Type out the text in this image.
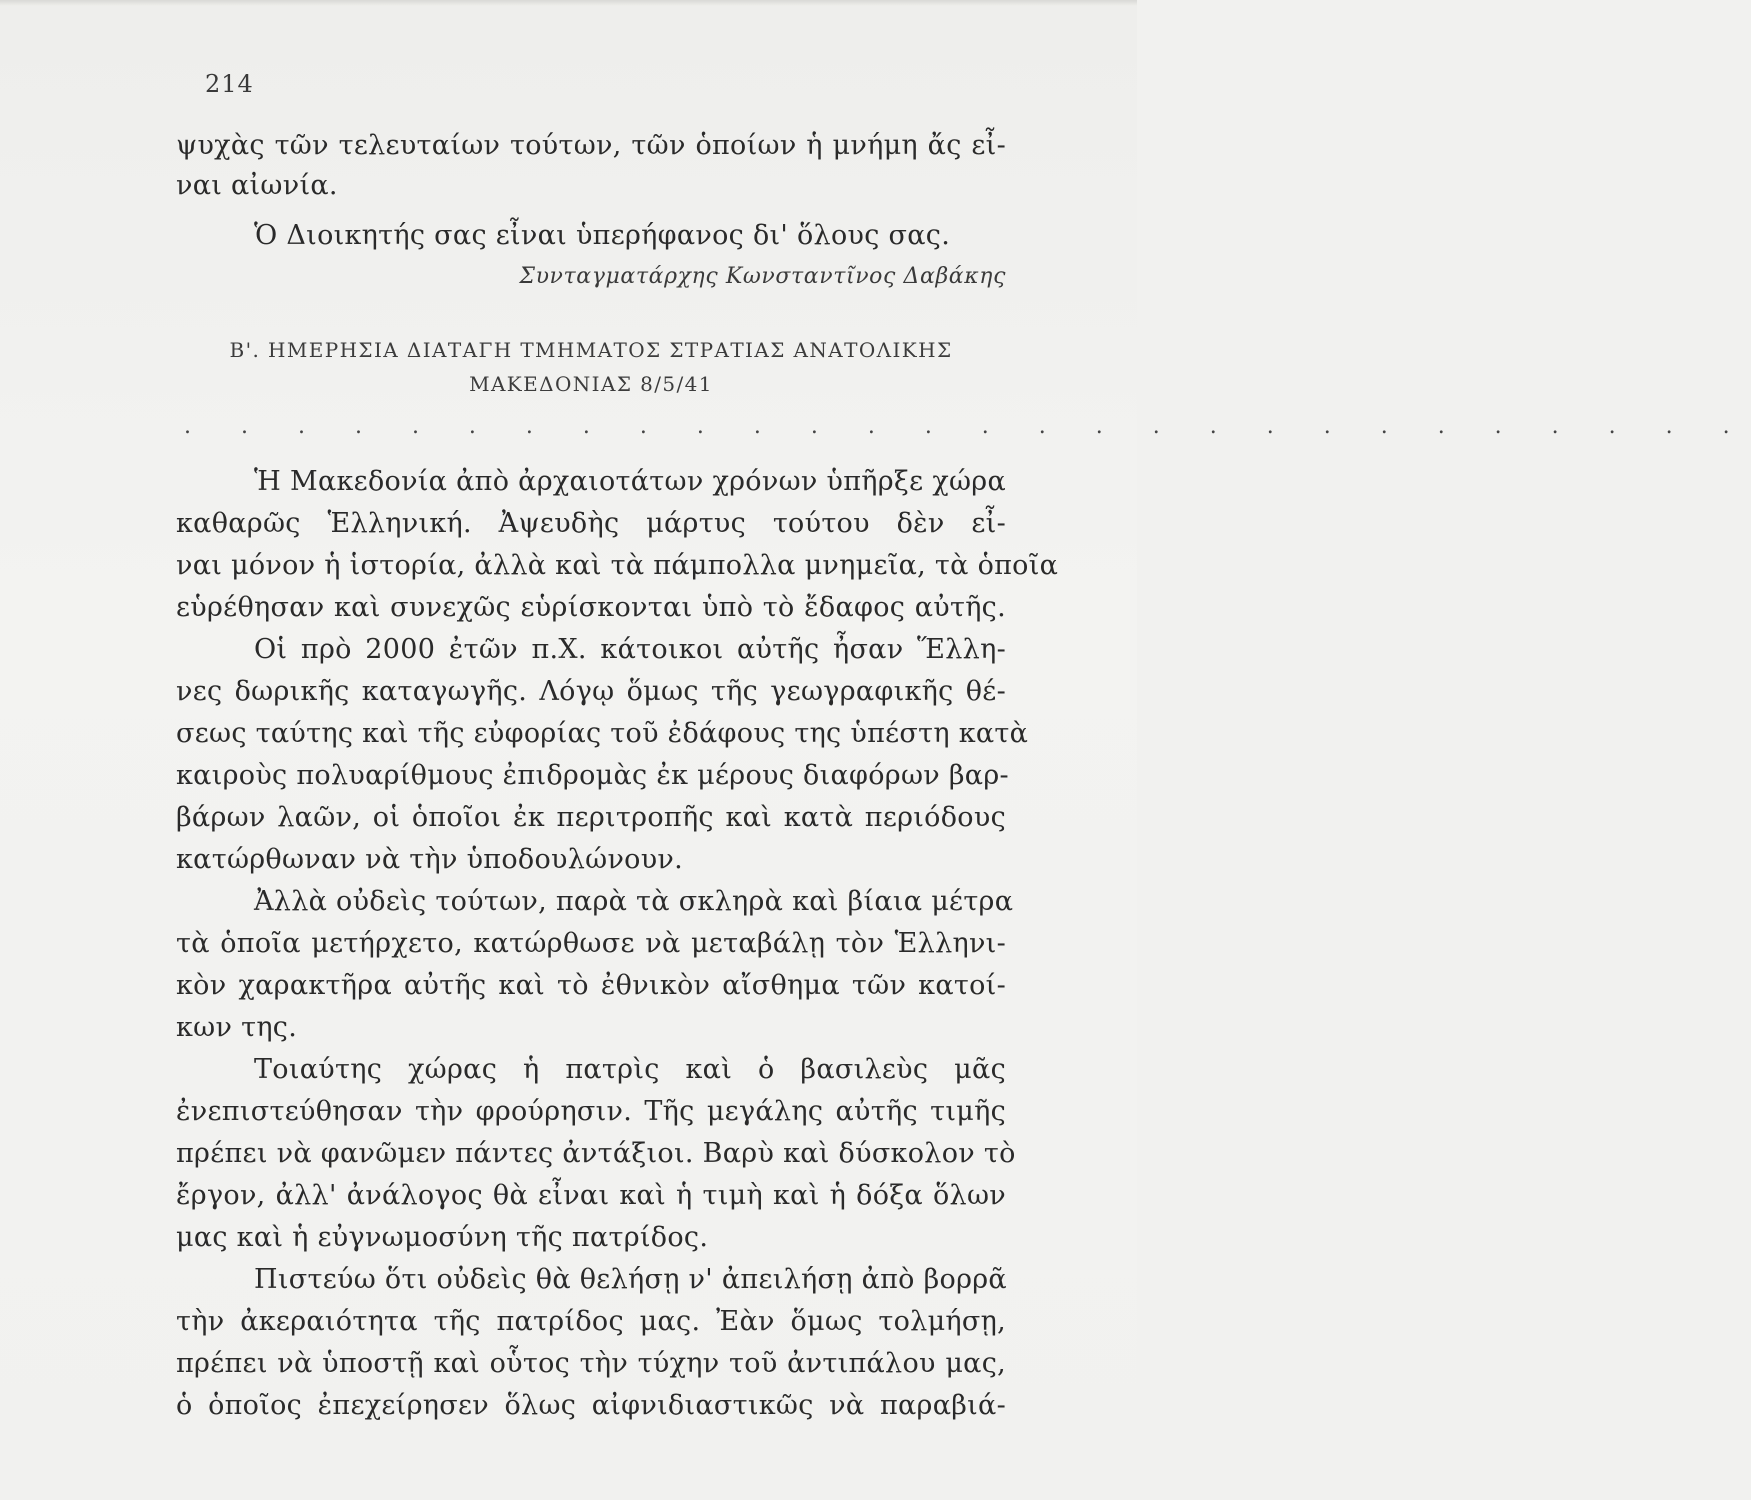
214
ψυχὰς τῶν τελευταίων τούτων, τῶν ὁποίων ἡ μνήμη ἄς εἶ-
ναι αἰωνία.
Ὁ Διοικητής σας εἶναι ὑπερήφανος δι' ὅλους σας.
Συνταγματάρχης Κωνσταντῖνος Δαβάκης
Β'. ΗΜΕΡΗΣΙΑ ΔΙΑΤΑΓΗ ΤΜΗΜΑΤΟΣ ΣΤΡΑΤΙΑΣ ΑΝΑΤΟΛΙΚΗΣ
ΜΑΚΕΔΟΝΙΑΣ 8/5/41
. . . . . . . . . . . . . . . . . . . . . . . . . . . .
Ἡ Μακεδονία ἀπὸ ἀρχαιοτάτων χρόνων ὑπῆρξε χώρα
καθαρῶς Ἑλληνική. Ἀψευδὴς μάρτυς τούτου δὲν εἶ-
ναι μόνον ἡ ἱστορία, ἀλλὰ καὶ τὰ πάμπολλα μνημεῖα, τὰ ὁποῖα
εὑρέθησαν καὶ συνεχῶς εὑρίσκονται ὑπὸ τὸ ἔδαφος αὐτῆς.
Οἱ πρὸ 2000 ἐτῶν π.Χ. κάτοικοι αὐτῆς ἦσαν Ἕλλη-
νες δωρικῆς καταγωγῆς. Λόγῳ ὅμως τῆς γεωγραφικῆς θέ-
σεως ταύτης καὶ τῆς εὐφορίας τοῦ ἐδάφους της ὑπέστη κατὰ
καιροὺς πολυαρίθμους ἐπιδρομὰς ἐκ μέρους διαφόρων βαρ-
βάρων λαῶν, οἱ ὁποῖοι ἐκ περιτροπῆς καὶ κατὰ περιόδους
κατώρθωναν νὰ τὴν ὑποδουλώνουν.
Ἀλλὰ οὐδεὶς τούτων, παρὰ τὰ σκληρὰ καὶ βίαια μέτρα
τὰ ὁποῖα μετήρχετο, κατώρθωσε νὰ μεταβάλῃ τὸν Ἑλληνι-
κὸν χαρακτῆρα αὐτῆς καὶ τὸ ἐθνικὸν αἴσθημα τῶν κατοί-
κων της.
Τοιαύτης χώρας ἡ πατρὶς καὶ ὁ βασιλεὺς μᾶς
ἐνεπιστεύθησαν τὴν φρούρησιν. Τῆς μεγάλης αὐτῆς τιμῆς
πρέπει νὰ φανῶμεν πάντες ἀντάξιοι. Βαρὺ καὶ δύσκολον τὸ
ἔργον, ἀλλ' ἀνάλογος θὰ εἶναι καὶ ἡ τιμὴ καὶ ἡ δόξα ὅλων
μας καὶ ἡ εὐγνωμοσύνη τῆς πατρίδος.
Πιστεύω ὅτι οὐδεὶς θὰ θελήσῃ ν' ἀπειλήσῃ ἀπὸ βορρᾶ
τὴν ἀκεραιότητα τῆς πατρίδος μας. Ἐὰν ὅμως τολμήσῃ,
πρέπει νὰ ὑποστῇ καὶ οὗτος τὴν τύχην τοῦ ἀντιπάλου μας,
ὁ ὁποῖος ἐπεχείρησεν ὅλως αἰφνιδιαστικῶς νὰ παραβιά-
